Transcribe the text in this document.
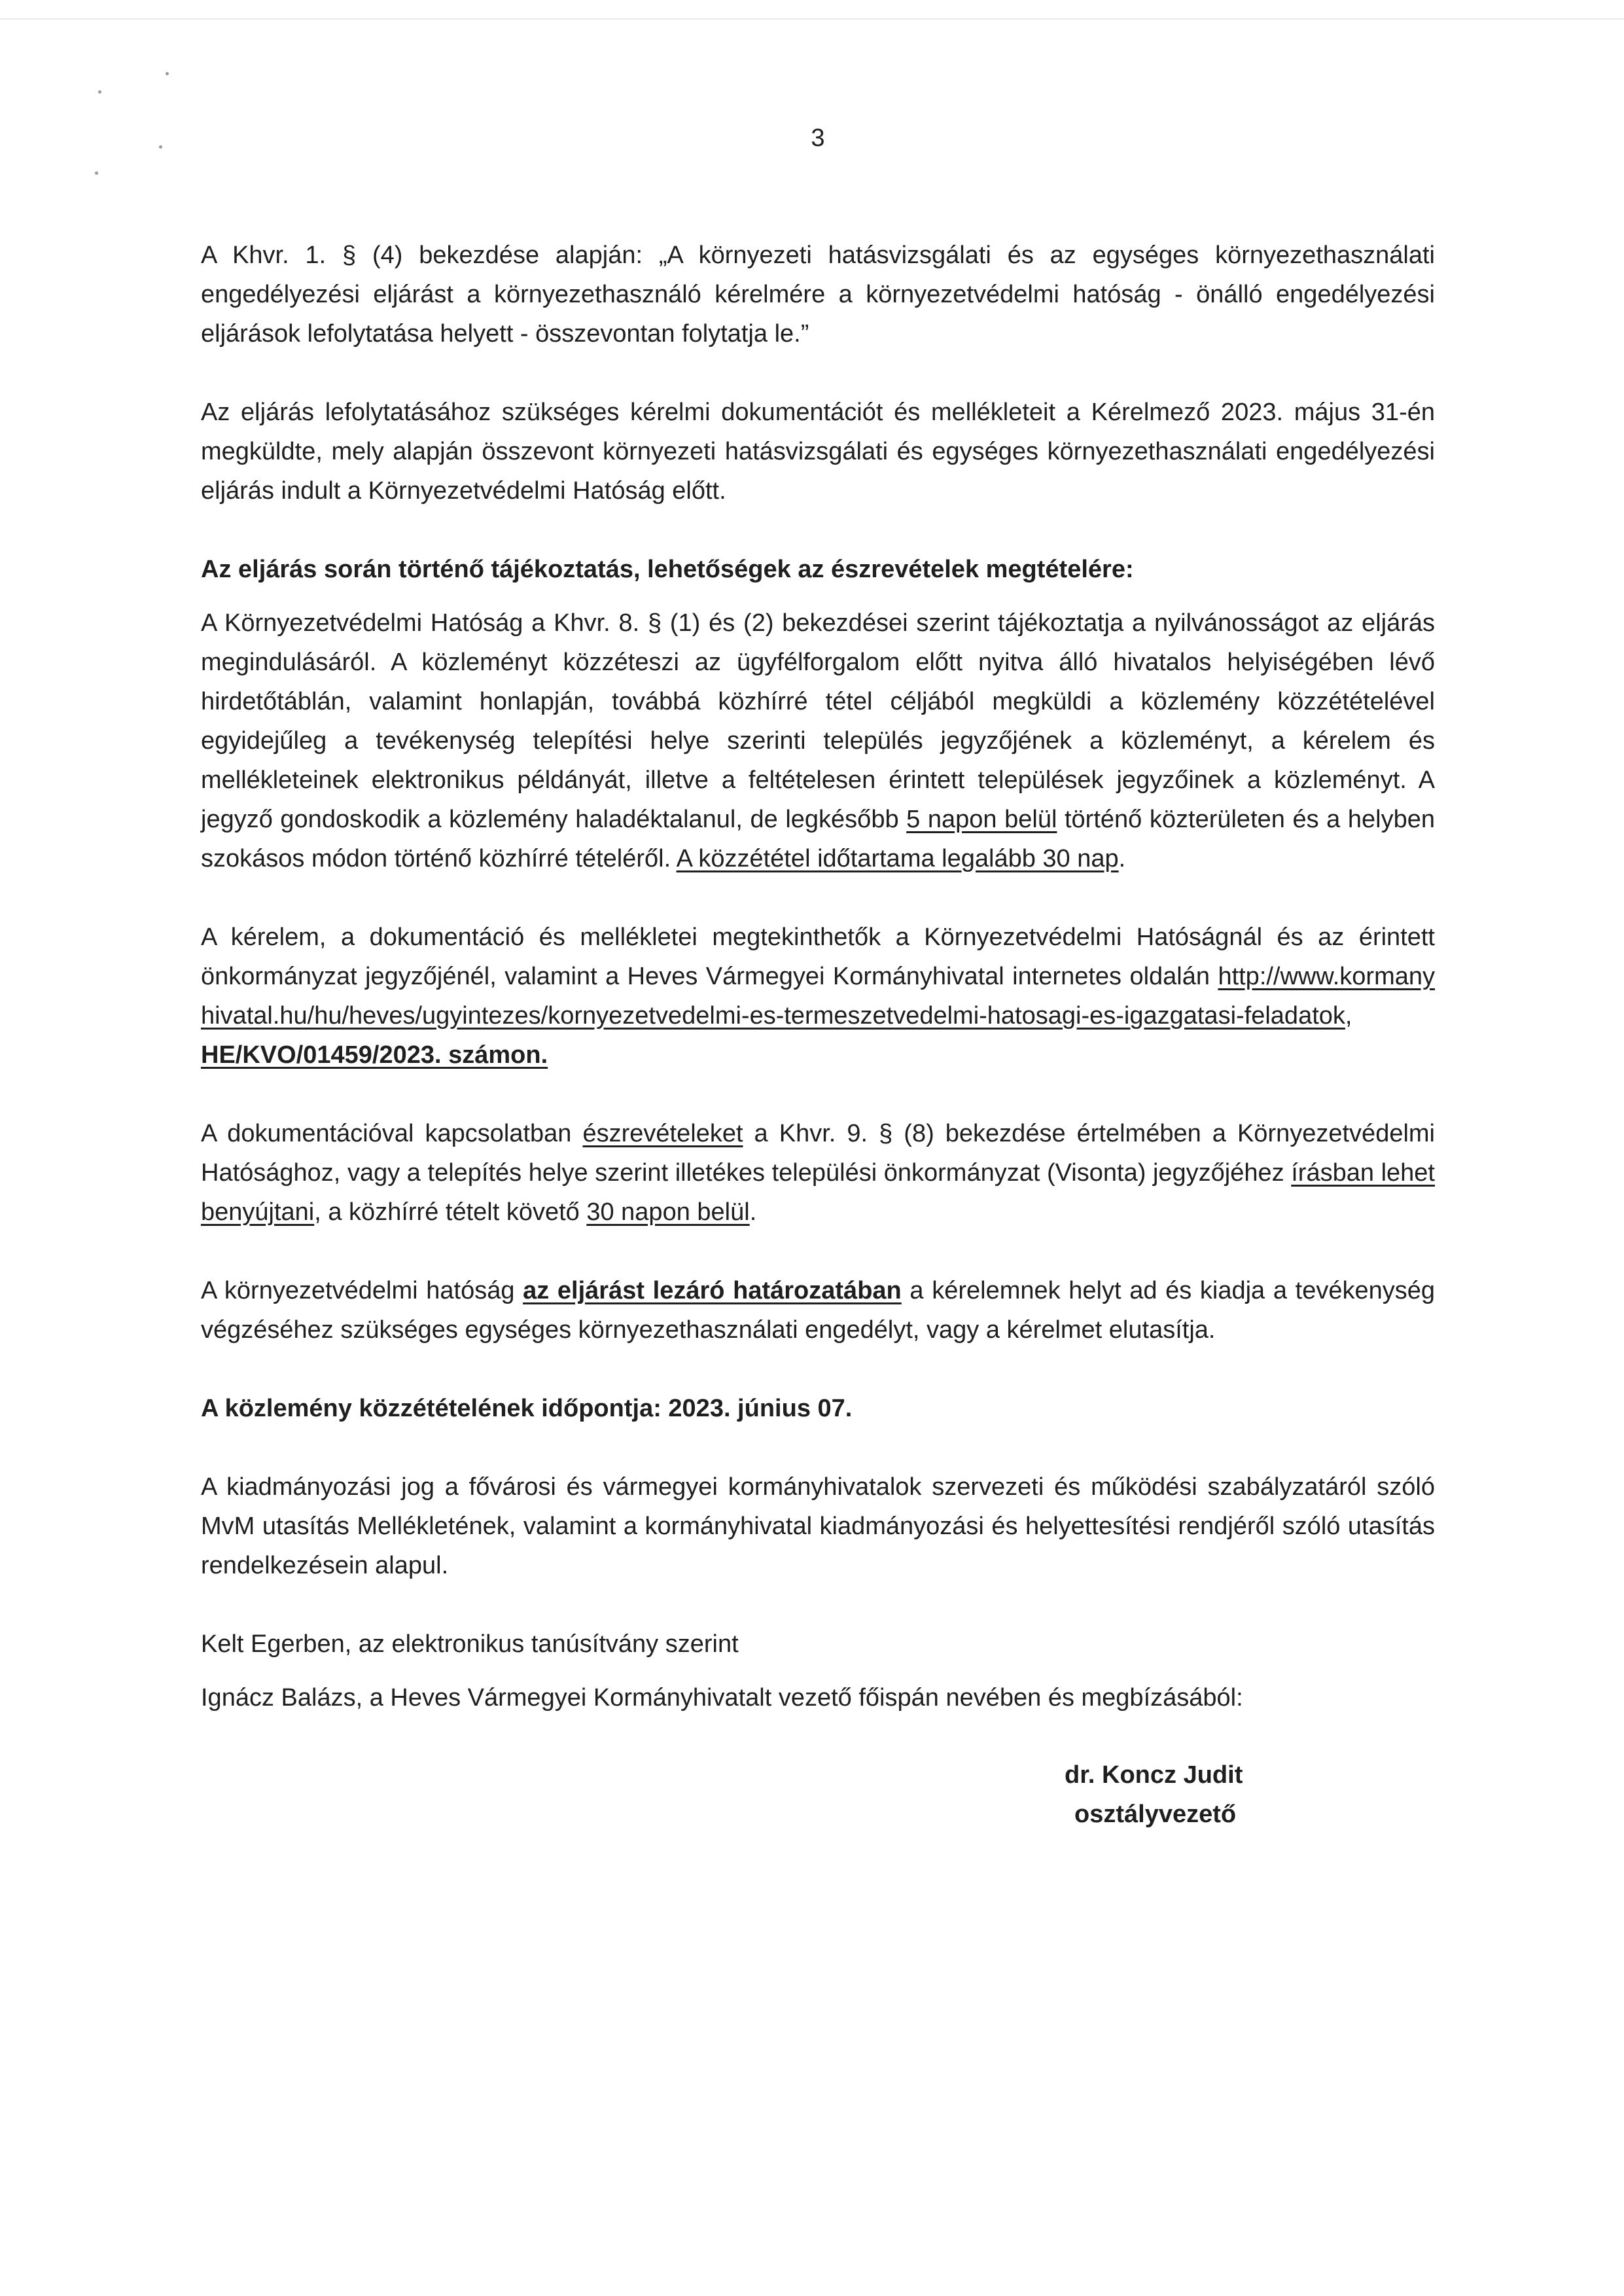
3

A Khvr. 1. § (4) bekezdése alapján: „A környezeti hatásvizsgálati és az egységes környezethasználati engedélyezési eljárást a környezethasználó kérelmére a környezetvédelmi hatóság - önálló engedélyezési eljárások lefolytatása helyett - összevontan folytatja le.”

Az eljárás lefolytatásához szükséges kérelmi dokumentációt és mellékleteit a Kérelmező 2023. május 31-én megküldte, mely alapján összevont környezeti hatásvizsgálati és egységes környezethasználati engedélyezési eljárás indult a Környezetvédelmi Hatóság előtt.

Az eljárás során történő tájékoztatás, lehetőségek az észrevételek megtételére:

A Környezetvédelmi Hatóság a Khvr. 8. § (1) és (2) bekezdései szerint tájékoztatja a nyilvánosságot az eljárás megindulásáról. A közleményt közzéteszi az ügyfélforgalom előtt nyitva álló hivatalos helyiségében lévő hirdetőtáblán, valamint honlapján, továbbá közhírré tétel céljából megküldi a közlemény közzétételével egyidejűleg a tevékenység telepítési helye szerinti település jegyzőjének a közleményt, a kérelem és mellékleteinek elektronikus példányát, illetve a feltételesen érintett települések jegyzőinek a közleményt. A jegyző gondoskodik a közlemény haladéktalanul, de legkésőbb 5 napon belül történő közterületen és a helyben szokásos módon történő közhírré tételéről. A közzététel időtartama legalább 30 nap.

A kérelem, a dokumentáció és mellékletei megtekinthetők a Környezetvédelmi Hatóságnál és az érintett önkormányzat jegyzőjénél, valamint a Heves Vármegyei Kormányhivatal internetes oldalán http://www.kormanyhivatal.hu/hu/heves/ugyintezes/kornyezetvedelmi-es-termeszetvedelmi-hatosagi-es-igazgatasi-feladatok, HE/KVO/01459/2023. számon.

A dokumentációval kapcsolatban észrevételeket a Khvr. 9. § (8) bekezdése értelmében a Környezetvédelmi Hatósághoz, vagy a telepítés helye szerint illetékes települési önkormányzat (Visonta) jegyzőjéhez írásban lehet benyújtani, a közhírré tételt követő 30 napon belül.

A környezetvédelmi hatóság az eljárást lezáró határozatában a kérelemnek helyt ad és kiadja a tevékenység végzéséhez szükséges egységes környezethasználati engedélyt, vagy a kérelmet elutasítja.

A közlemény közzétételének időpontja: 2023. június 07.

A kiadmányozási jog a fővárosi és vármegyei kormányhivatalok szervezeti és működési szabályzatáról szóló MvM utasítás Mellékletének, valamint a kormányhivatal kiadmányozási és helyettesítési rendjéről szóló utasítás rendelkezésein alapul.

Kelt Egerben, az elektronikus tanúsítvány szerint

Ignácz Balázs, a Heves Vármegyei Kormányhivatalt vezető főispán nevében és megbízásából:

dr. Koncz Judit
osztályvezető
